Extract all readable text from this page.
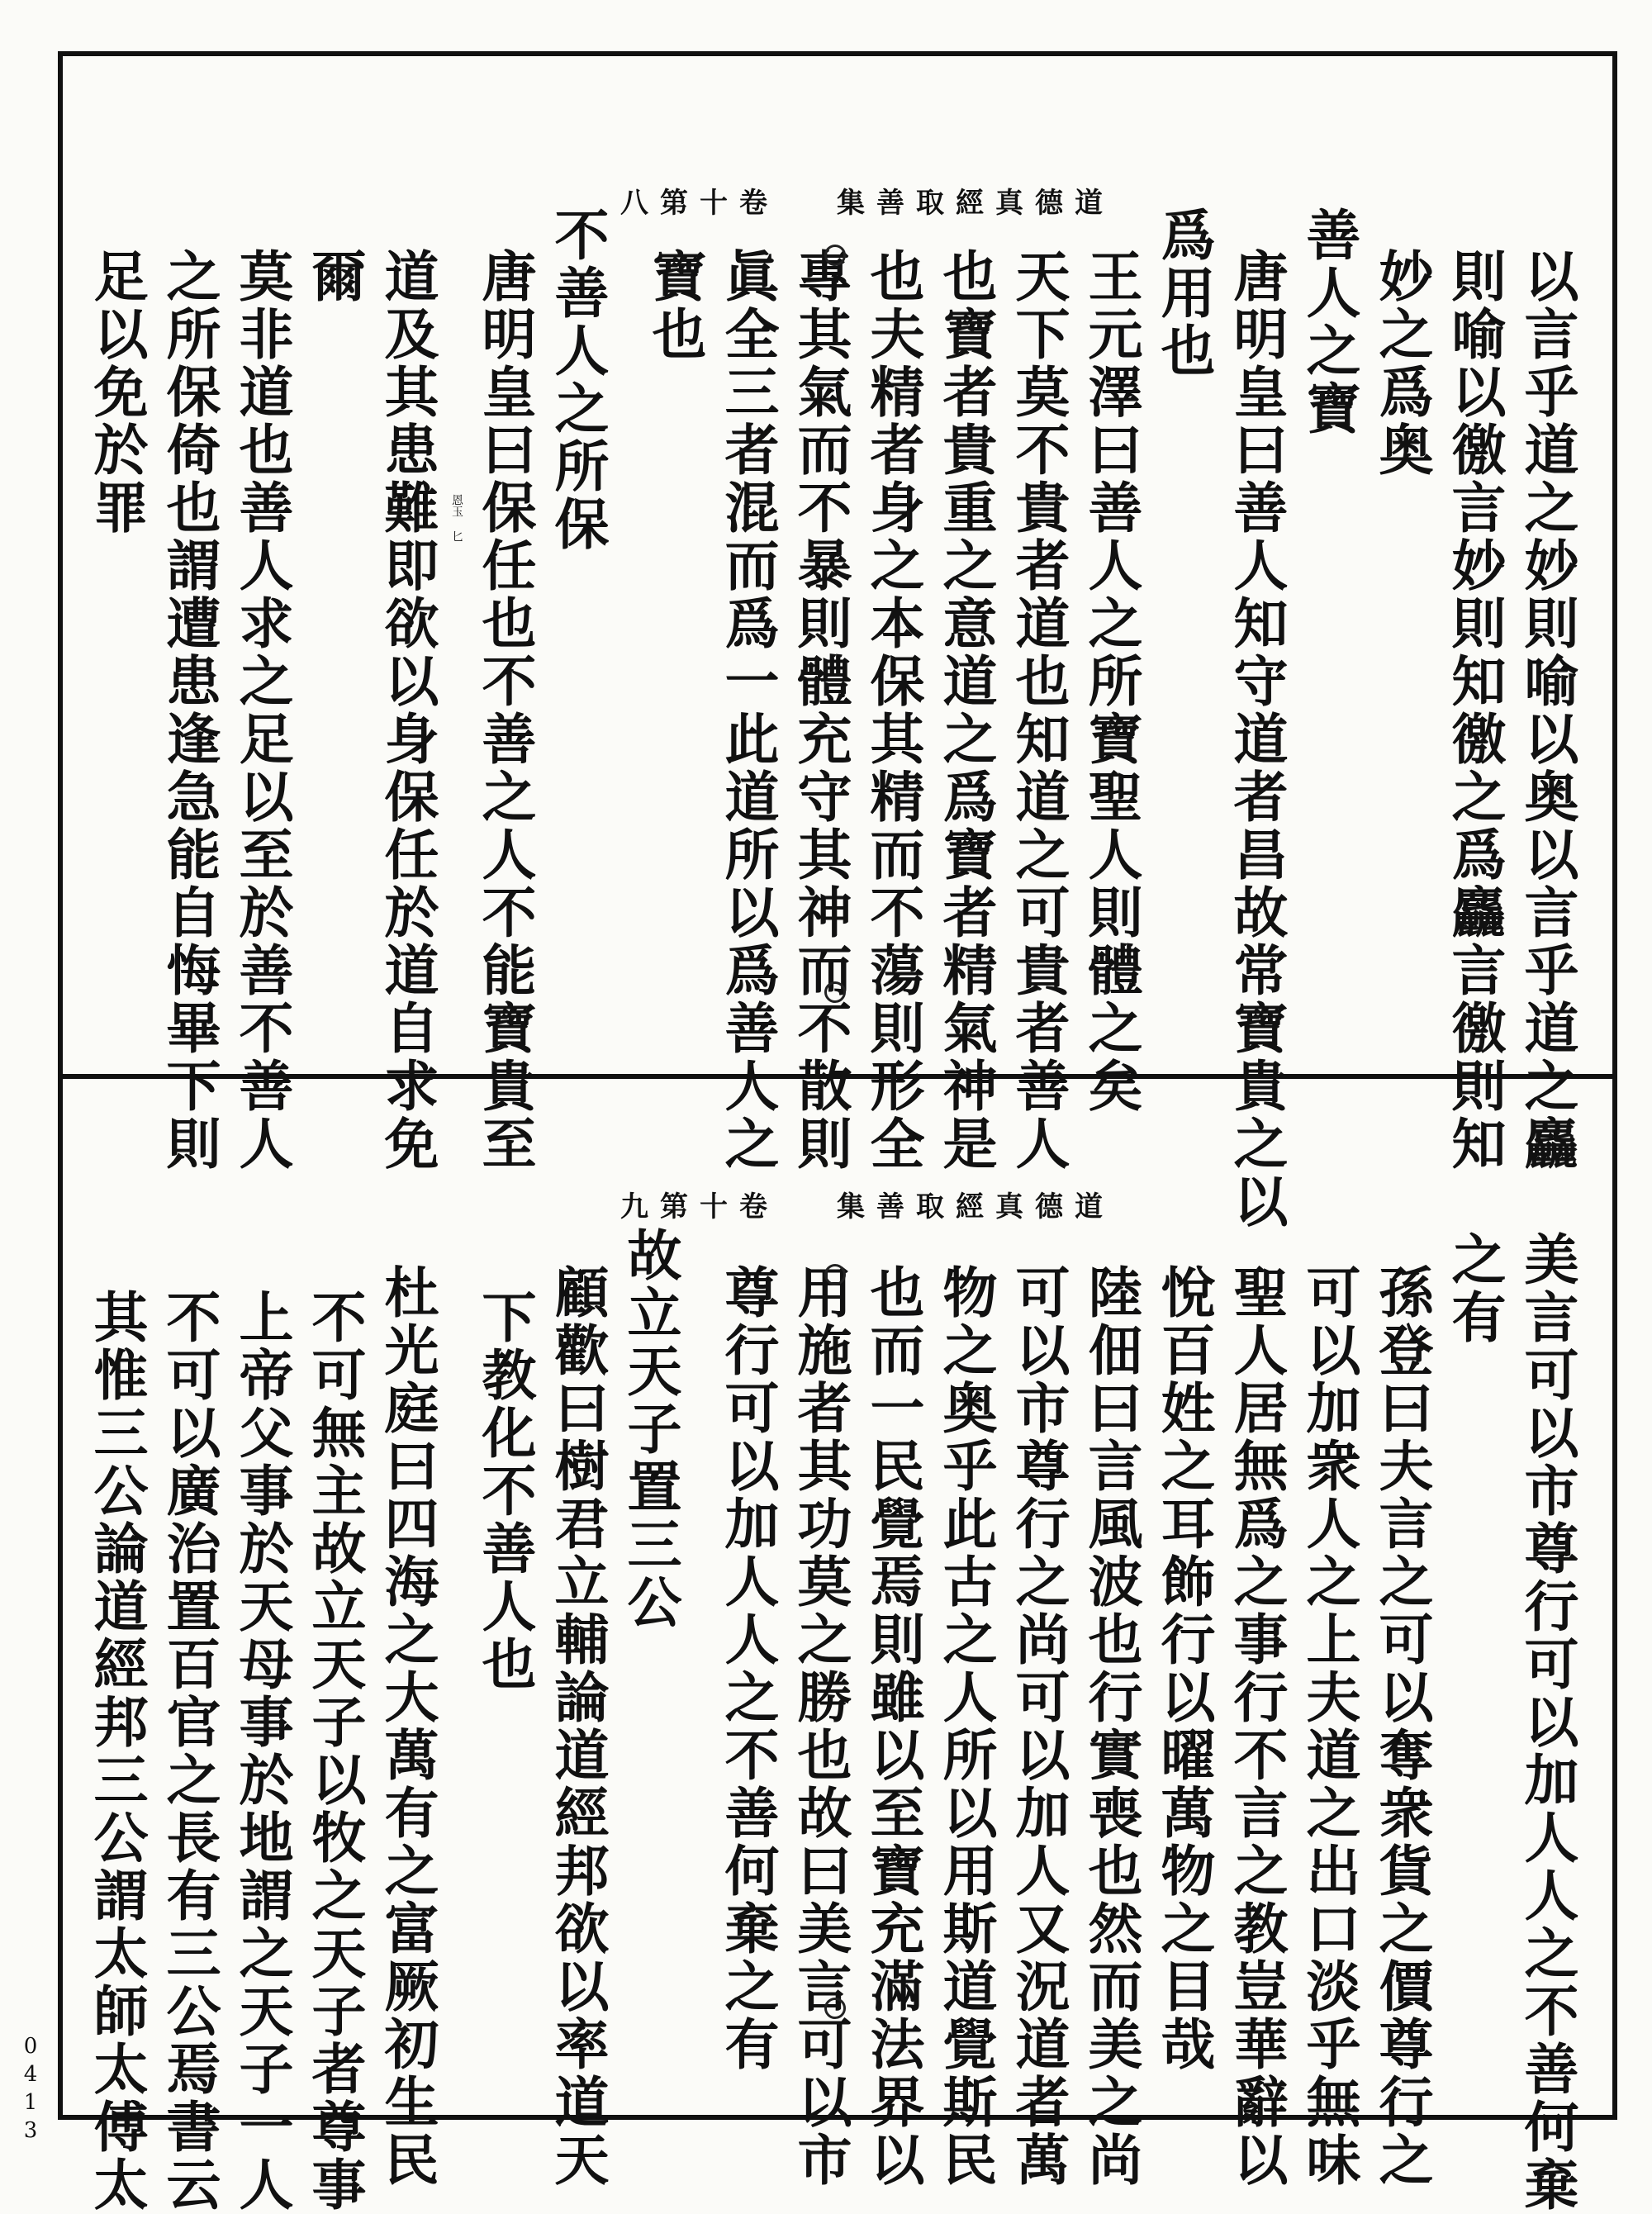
八第十卷 集善取經真德道
以言乎道之妙則喻以奥以言乎道之麤
則喻以徼言妙則知徼之爲麤言徼則知
妙之爲奥
善人之寶
唐明皇曰善人知守道者昌故常寶貴之以
爲用也
王元澤曰善人之所寶聖人則體之矣
天下莫不貴者道也知道之可貴者善人
也寶者貴重之意道之爲寶者精氣神是
也夫精者身之本保其精而不蕩則形全
專其氣而不暴則體充守其神而不散則
眞全三者混而爲一此道所以爲善人之
寶也
不善人之所保
唐明皇曰保任也不善之人不能寶貴至
道及其患難即欲以身保任於道自求免
爾
莫非道也善人求之足以至於善不善人
之所保倚也謂遭患逢急能自悔畢下則
足以免於罪	恩玉 匕
九第十卷 集善取經真德道
美言可以市尊行可以加人人之不善何棄
之有
孫登曰夫言之可以奪衆貨之價尊行之
可以加衆人之上夫道之出口淡乎無味
聖人居無爲之事行不言之教豈華辭以
悅百姓之耳飾行以曜萬物之目哉
陸佃曰言風波也行實喪也然而美之尚
可以市尊行之尚可以加人又況道者萬
物之奥乎此古之人所以用斯道覺斯民
也而一民覺焉則雖以至寶充滿法界以
用施者其功莫之勝也故曰美言可以市
尊行可以加人人之不善何棄之有
故立天子置三公
顧歡曰樹君立輔論道經邦欲以率道天
下教化不善人也
杜光庭曰四海之大萬有之富厥初生民
不可無主故立天子以牧之天子者尊事
上帝父事於天母事於地謂之天子一人
不可以廣治置百官之長有三公焉書云
其惟三公論道經邦三公謂太師太傅太
0413
